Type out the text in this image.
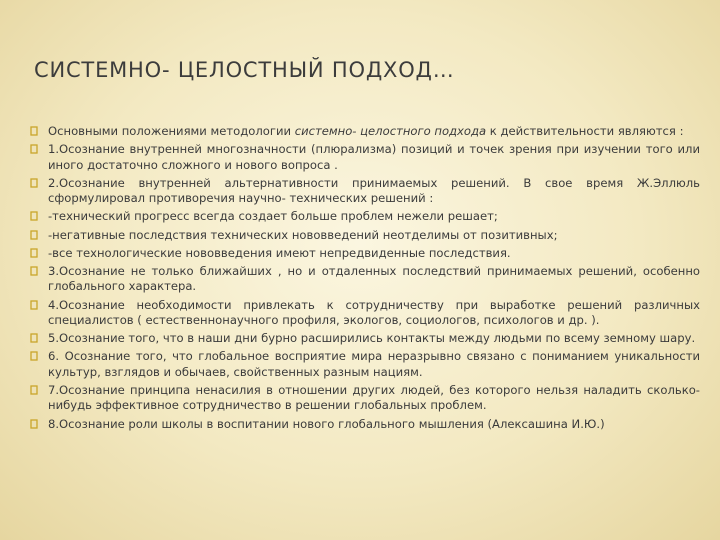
СИСТЕМНО- ЦЕЛОСТНЫЙ ПОДХОД…
Основными положениями методологии системно- целостного подхода к действительности являются :
1.Осознание внутренней многозначности (плюрализма) позиций и точек зрения при изучении того или иного достаточно сложного и нового вопроса .
2.Осознание внутренней альтернативности принимаемых решений. В свое время Ж.Эллюль сформулировал противоречия научно- технических решений :
-технический прогресс всегда создает больше проблем нежели решает;
-негативные последствия технических нововведений неотделимы от позитивных;
-все технологические нововведения имеют непредвиденные последствия.
3.Осознание не только ближайших , но и отдаленных последствий принимаемых решений, особенно глобального характера.
4.Осознание необходимости привлекать к сотрудничеству при выработке решений различных специалистов ( естественнонаучного профиля, экологов, социологов, психологов и др. ).
5.Осознание того, что в наши дни бурно расширились контакты между людьми по всему земному шару.
6. Осознание того, что глобальное восприятие мира неразрывно связано с пониманием уникальности культур, взглядов и обычаев, свойственных разным нациям.
7.Осознание принципа ненасилия в отношении других людей, без которого нельзя наладить сколько- нибудь эффективное сотрудничество в решении глобальных проблем.
8.Осознание роли школы в воспитании нового глобального мышления (Алексашина И.Ю.)
